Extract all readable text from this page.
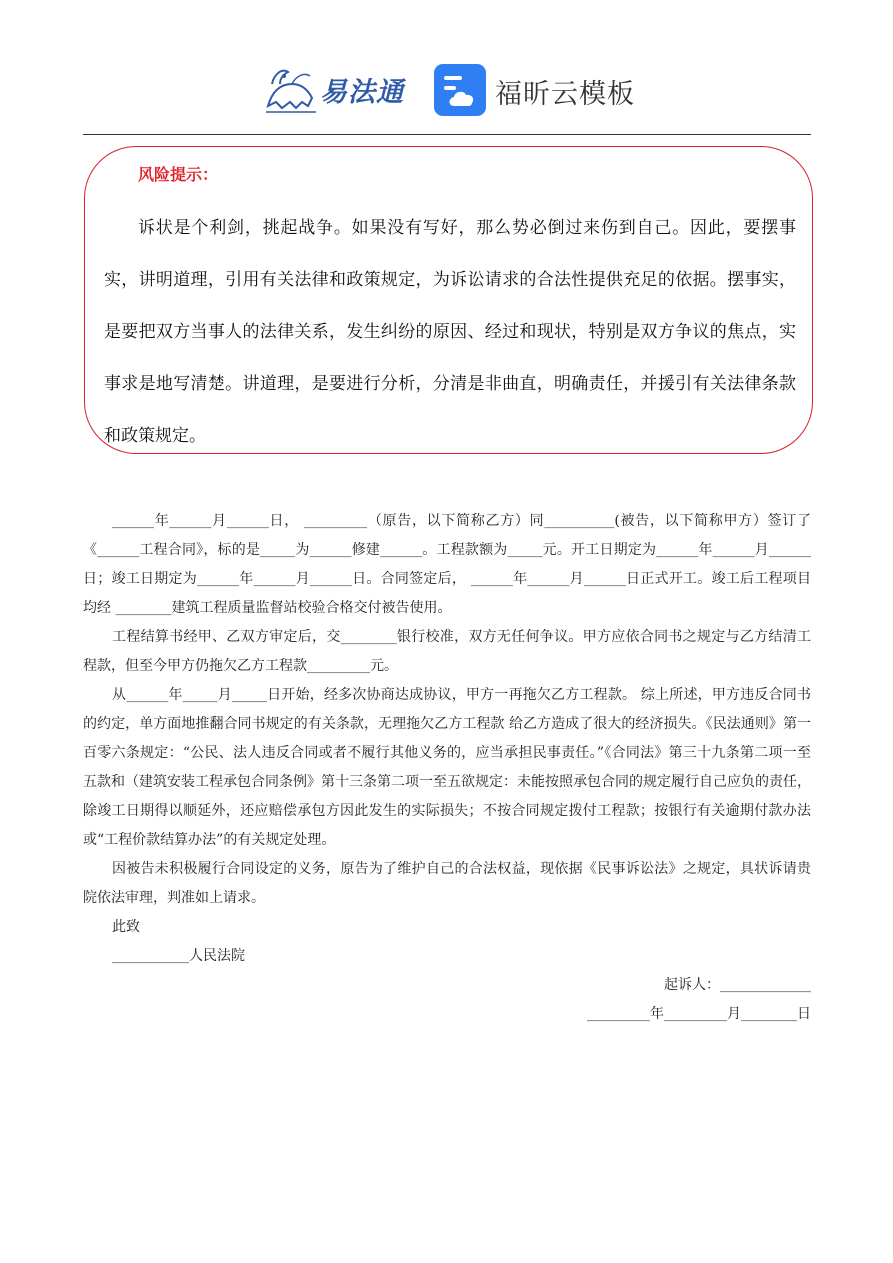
易法通	福昕云模板
风险提示：

诉状是个利剑，挑起战争。如果没有写好，那么势必倒过来伤到自己。因此，要摆事实，讲明道理，引用有关法律和政策规定，为诉讼请求的合法性提供充足的依据。摆事实，是要把双方当事人的法律关系，发生纠纷的原因、经过和现状，特别是双方争议的焦点，实事求是地写清楚。讲道理，是要进行分析，分清是非曲直，明确责任，并援引有关法律条款和政策规定。

______年______月______日， _________（原告，以下简称乙方）同__________(被告，以下简称甲方）签订了《______工程合同》，标的是_____为______修建______。工程款额为_____元。开工日期定为______年______月______日；竣工日期定为______年______月______日。合同签定后， ______年______月______日正式开工。竣工后工程项目均经 ________建筑工程质量监督站校验合格交付被告使用。

工程结算书经甲、乙双方审定后，交________银行校准，双方无任何争议。甲方应依合同书之规定与乙方结清工程款，但至今甲方仍拖欠乙方工程款_________元。

从______年_____月_____日开始，经多次协商达成协议，甲方一再拖欠乙方工程款。 综上所述，甲方违反合同书的约定，单方面地推翻合同书规定的有关条款，无理拖欠乙方工程款 给乙方造成了很大的经济损失。《民法通则》第一百零六条规定：“公民、法人违反合同或者不履行其他义务的，应当承担民事责任。”《合同法》第三十九条第二项一至五款和（建筑安装工程承包合同条例》第十三条第二项一至五欲规定：未能按照承包合同的规定履行自己应负的责任，除竣工日期得以顺延外，还应赔偿承包方因此发生的实际损失；不按合同规定拨付工程款；按银行有关逾期付款办法或“工程价款结算办法”的有关规定处理。

因被告未积极履行合同设定的义务，原告为了维护自己的合法权益，现依据《民事诉讼法》之规定，具状诉请贵院依法审理，判准如上请求。

此致

___________人民法院

起诉人：_____________

_________年_________月________日
